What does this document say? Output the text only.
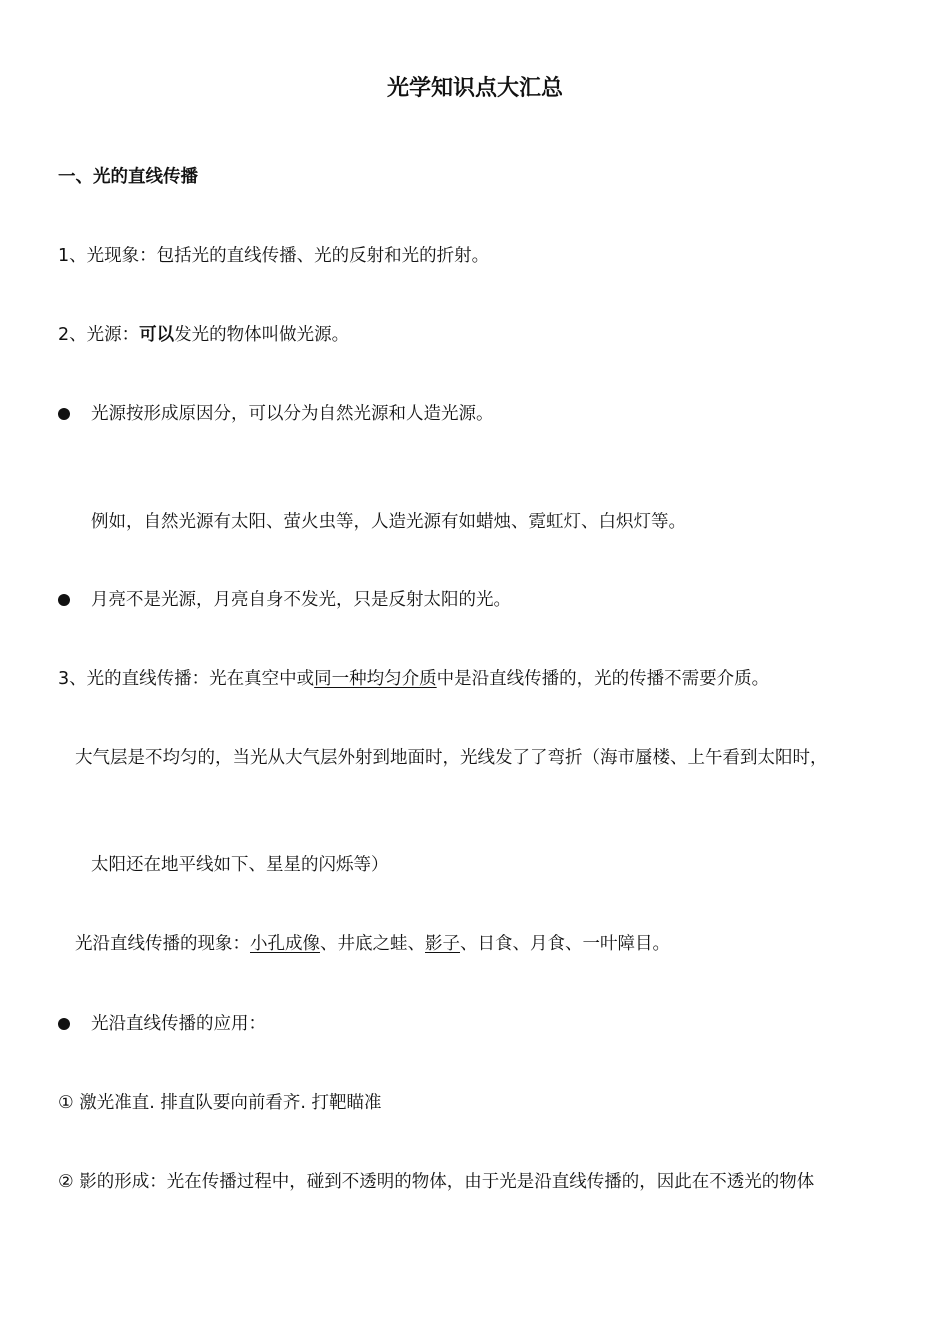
光学知识点大汇总
一、光的直线传播
1、光现象：包括光的直线传播、光的反射和光的折射。
2、光源：可以发光的物体叫做光源。
光源按形成原因分，可以分为自然光源和人造光源。
例如，自然光源有太阳、萤火虫等，人造光源有如蜡烛、霓虹灯、白炽灯等。
月亮不是光源，月亮自身不发光，只是反射太阳的光。
3、光的直线传播：光在真空中或同一种均匀介质中是沿直线传播的，光的传播不需要介质。
大气层是不均匀的，当光从大气层外射到地面时，光线发了了弯折（海市蜃楼、上午看到太阳时，
太阳还在地平线如下、星星的闪烁等）
光沿直线传播的现象：小孔成像、井底之蛙、影子、日食、月食、一叶障目。
光沿直线传播的应用：
① 激光准直. 排直队要向前看齐. 打靶瞄准
② 影的形成：光在传播过程中，碰到不透明的物体，由于光是沿直线传播的，因此在不透光的物体
